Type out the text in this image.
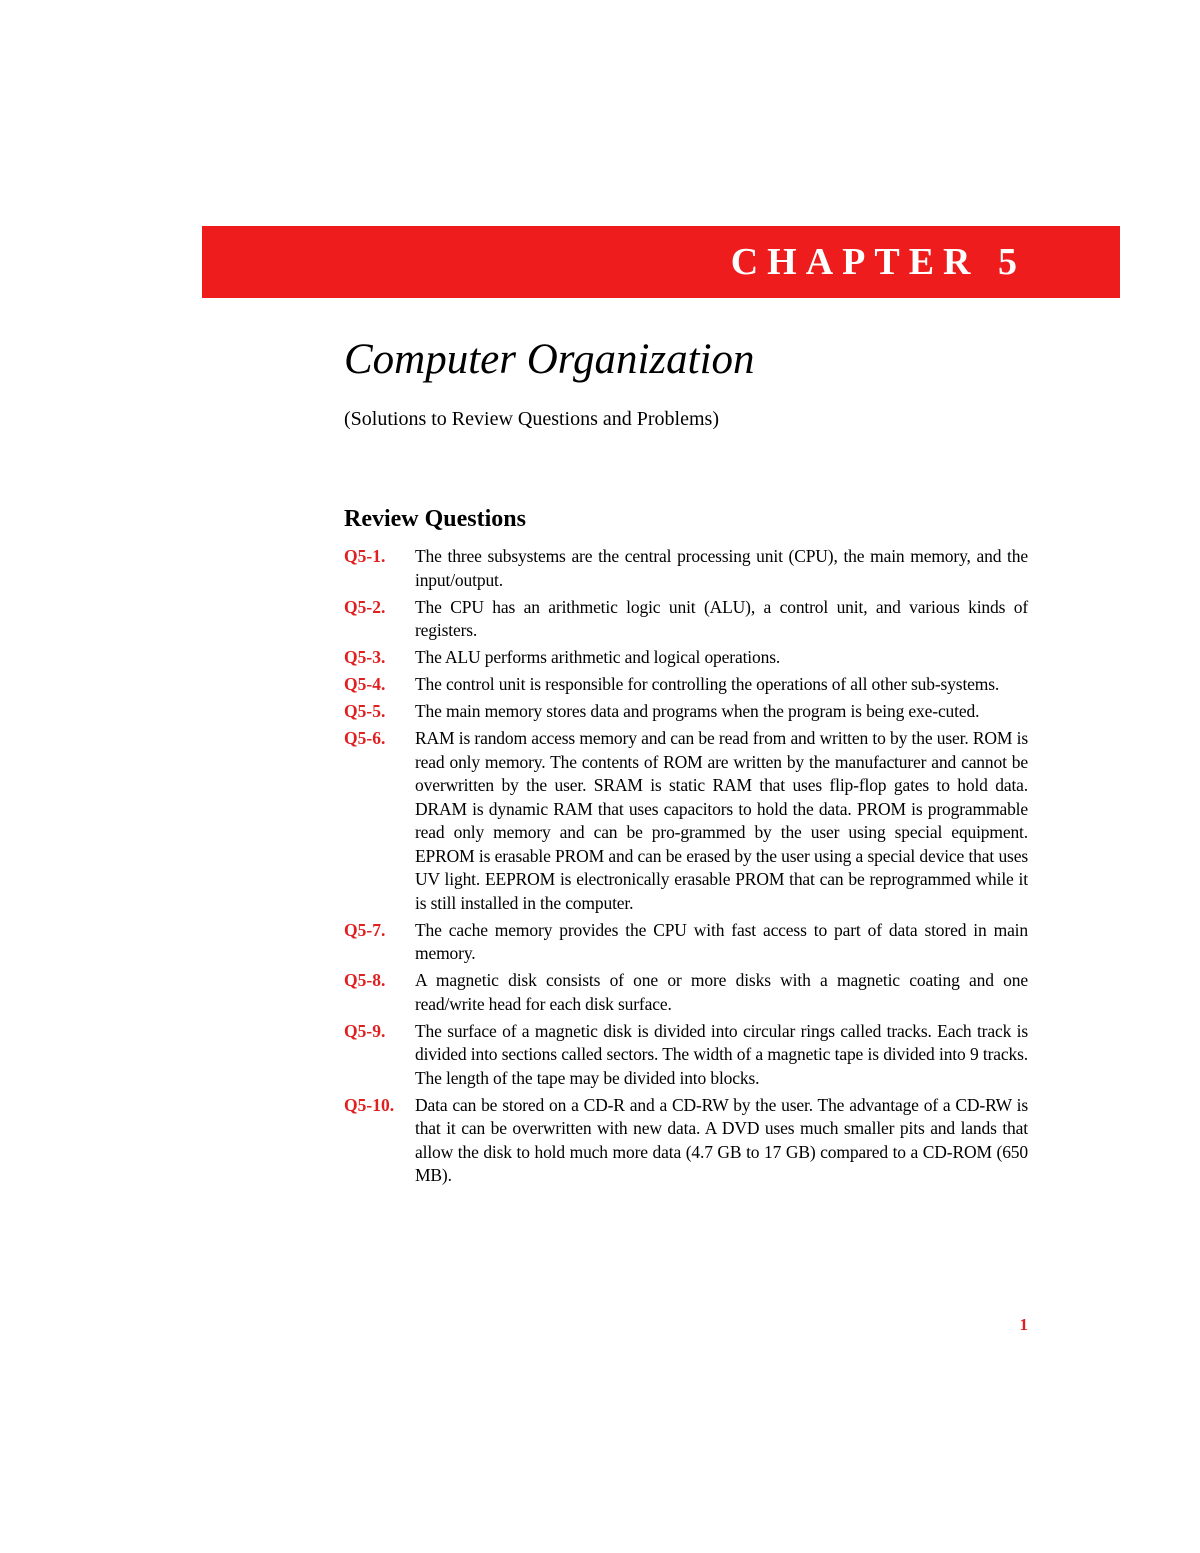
CHAPTER 5
Computer Organization
(Solutions to Review Questions and Problems)
Review Questions
Q5-1.	The three subsystems are the central processing unit (CPU), the main memory, and the input/output.
Q5-2.	The CPU has an arithmetic logic unit (ALU), a control unit, and various kinds of registers.
Q5-3.	The ALU performs arithmetic and logical operations.
Q5-4.	The control unit is responsible for controlling the operations of all other sub-systems.
Q5-5.	The main memory stores data and programs when the program is being exe-cuted.
Q5-6.	RAM is random access memory and can be read from and written to by the user. ROM is read only memory. The contents of ROM are written by the manufacturer and cannot be overwritten by the user. SRAM is static RAM that uses flip-flop gates to hold data. DRAM is dynamic RAM that uses capacitors to hold the data. PROM is programmable read only memory and can be pro-grammed by the user using special equipment. EPROM is erasable PROM and can be erased by the user using a special device that uses UV light. EEPROM is electronically erasable PROM that can be reprogrammed while it is still installed in the computer.
Q5-7.	The cache memory provides the CPU with fast access to part of data stored in main memory.
Q5-8.	A magnetic disk consists of one or more disks with a magnetic coating and one read/write head for each disk surface.
Q5-9.	The surface of a magnetic disk is divided into circular rings called tracks. Each track is divided into sections called sectors. The width of a magnetic tape is divided into 9 tracks. The length of the tape may be divided into blocks.
Q5-10.	Data can be stored on a CD-R and a CD-RW by the user. The advantage of a CD-RW is that it can be overwritten with new data. A DVD uses much smaller pits and lands that allow the disk to hold much more data (4.7 GB to 17 GB) compared to a CD-ROM (650 MB).
1
